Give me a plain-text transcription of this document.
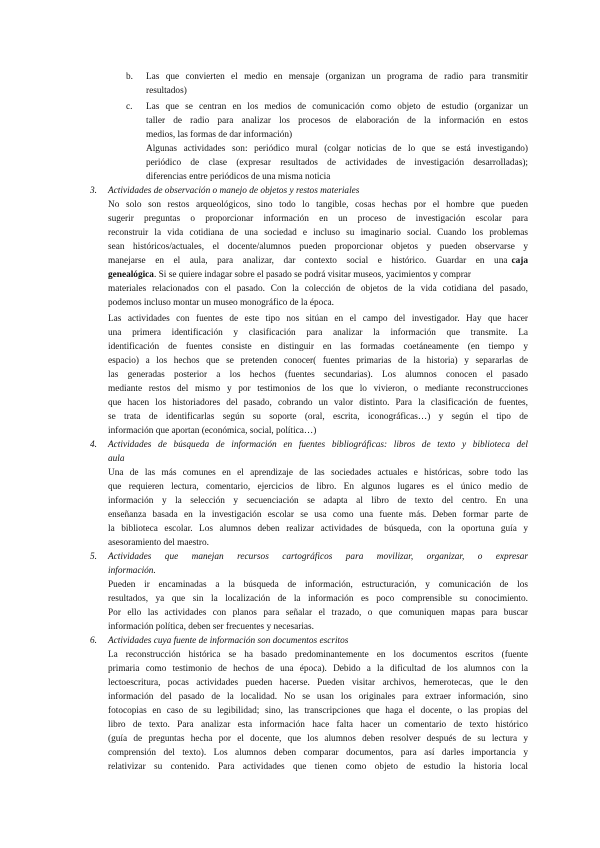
b. Las que convierten el medio en mensaje (organizan un programa de radio para transmitir
resultados)
c. Las que se centran en los medios de comunicación como objeto de estudio (organizar un
taller de radio para analizar los procesos de elaboración de la información en estos
medios, las formas de dar información)
Algunas actividades son: periódico mural (colgar noticias de lo que se está investigando)
periódico de clase (expresar resultados de actividades de investigación desarrolladas);
diferencias entre periódicos de una misma noticia
3. Actividades de observación o manejo de objetos y restos materiales
No solo son restos arqueológicos, sino todo lo tangible, cosas hechas por el hombre que pueden
sugerir preguntas o proporcionar información en un proceso de investigación escolar para
reconstruir la vida cotidiana de una sociedad e incluso su imaginario social. Cuando los problemas
sean históricos/actuales, el docente/alumnos pueden proporcionar objetos y pueden observarse y
manejarse en el aula, para analizar, dar contexto social e histórico. Guardar en una caja
genealógica. Si se quiere indagar sobre el pasado se podrá visitar museos, yacimientos y comprar
materiales relacionados con el pasado. Con la colección de objetos de la vida cotidiana del pasado,
podemos incluso montar un museo monográfico de la época.
Las actividades con fuentes de este tipo nos sitúan en el campo del investigador. Hay que hacer
una primera identificación y clasificación para analizar la información que transmite. La
identificación de fuentes consiste en distinguir en las formadas coetáneamente (en tiempo y
espacio) a los hechos que se pretenden conocer( fuentes primarias de la historia) y separarlas de
las generadas posterior a los hechos (fuentes secundarias). Los alumnos conocen el pasado
mediante restos del mismo y por testimonios de los que lo vivieron, o mediante reconstrucciones
que hacen los historiadores del pasado, cobrando un valor distinto. Para la clasificación de fuentes,
se trata de identificarlas según su soporte (oral, escrita, iconográficas…) y según el tipo de
información que aportan (económica, social, política…)
4. Actividades de búsqueda de información en fuentes bibliográficas: libros de texto y biblioteca del
aula
Una de las más comunes en el aprendizaje de las sociedades actuales e históricas, sobre todo las
que requieren lectura, comentario, ejercicios de libro. En algunos lugares es el único medio de
información y la selección y secuenciación se adapta al libro de texto del centro. En una
enseñanza basada en la investigación escolar se usa como una fuente más. Deben formar parte de
la biblioteca escolar. Los alumnos deben realizar actividades de búsqueda, con la oportuna guía y
asesoramiento del maestro.
5. Actividades que manejan recursos cartográficos para movilizar, organizar, o expresar
información.
Pueden ir encaminadas a la búsqueda de información, estructuración, y comunicación de los
resultados, ya que sin la localización de la información es poco comprensible su conocimiento.
Por ello las actividades con planos para señalar el trazado, o que comuniquen mapas para buscar
información política, deben ser frecuentes y necesarias.
6. Actividades cuya fuente de información son documentos escritos
La reconstrucción histórica se ha basado predominantemente en los documentos escritos (fuente
primaria como testimonio de hechos de una época). Debido a la dificultad de los alumnos con la
lectoescritura, pocas actividades pueden hacerse. Pueden visitar archivos, hemerotecas, que le den
información del pasado de la localidad. No se usan los originales para extraer información, sino
fotocopias en caso de su legibilidad; sino, las transcripciones que haga el docente, o las propias del
libro de texto. Para analizar esta información hace falta hacer un comentario de texto histórico
(guía de preguntas hecha por el docente, que los alumnos deben resolver después de su lectura y
comprensión del texto). Los alumnos deben comparar documentos, para así darles importancia y
relativizar su contenido. Para actividades que tienen como objeto de estudio la historia local
